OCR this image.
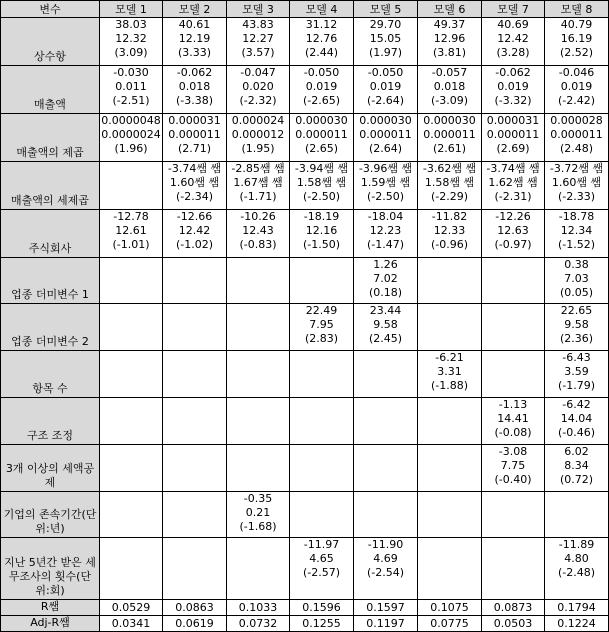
변수	모델 1	모델 2	모델 3	모델 4	모델 5	모델 6	모델 7	모델 8
상수항	38.03
12.32
(3.09)	40.61
12.19
(3.33)	43.83
12.27
(3.57)	31.12
12.76
(2.44)	29.70
15.05
(1.97)	49.37
12.96
(3.81)	40.69
12.42
(3.28)	40.79
16.19
(2.52)

매출액	-0.030
0.011
(-2.51)	-0.062
0.018
(-3.38)	-0.047
0.020
(-2.32)	-0.050
0.019
(-2.65)	-0.050
0.019
(-2.64)	-0.057
0.018
(-3.09)	-0.062
0.019
(-3.32)	-0.046
0.019
(-2.42)

매출액의 제곱	0.0000048
0.0000024
(1.96)	0.000031
0.000011
(2.71)	0.000024
0.000012
(1.95)	0.000030
0.000011
(2.65)	0.000030
0.000011
(2.64)	0.000030
0.000011
(2.61)	0.000031
0.000011
(2.69)	0.000028
0.000011
(2.48)

매출액의 세제곱		-3.74쌤 쌤
1.60쌤 쌤
(-2.34)	-2.85쌤 쌤
1.67쌤 쌤
(-1.71)	-3.94쌤 쌤
1.58쌤 쌤
(-2.50)	-3.96쌤 쌤
1.59쌤 쌤
(-2.50)	-3.62쌤 쌤
1.58쌤 쌤
(-2.29)	-3.74쌤 쌤
1.62쌤 쌤
(-2.31)	-3.72쌤 쌤
1.60쌤 쌤
(-2.33)

주식회사	-12.78
12.61
(-1.01)	-12.66
12.42
(-1.02)	-10.26
12.43
(-0.83)	-18.19
12.16
(-1.50)	-18.04
12.23
(-1.47)	-11.82
12.33
(-0.96)	-12.26
12.63
(-0.97)	-18.78
12.34
(-1.52)

업종 더미변수 1					1.26
7.02
(0.18)			0.38
7.03
(0.05)

업종 더미변수 2				22.49
7.95
(2.83)	23.44
9.58
(2.45)			22.65
9.58
(2.36)

항목 수						-6.21
3.31
(-1.88)		-6.43
3.59
(-1.79)

구조 조정							-1.13
14.41
(-0.08)	-6.42
14.04
(-0.46)

3개 이상의 세액공제							-3.08
7.75
(-0.40)	6.02
8.34
(0.72)

기업의 존속기간(단위:년)			-0.35
0.21
(-1.68)					

지난 5년간 받은 세무조사의 횟수(단위:회)				-11.97
4.65
(-2.57)	-11.90
4.69
(-2.54)			-11.89
4.80
(-2.48)

R쌤	0.0529	0.0863	0.1033	0.1596	0.1597	0.1075	0.0873	0.1794

Adj-R쌤	0.0341	0.0619	0.0732	0.1255	0.1197	0.0775	0.0503	0.1224
